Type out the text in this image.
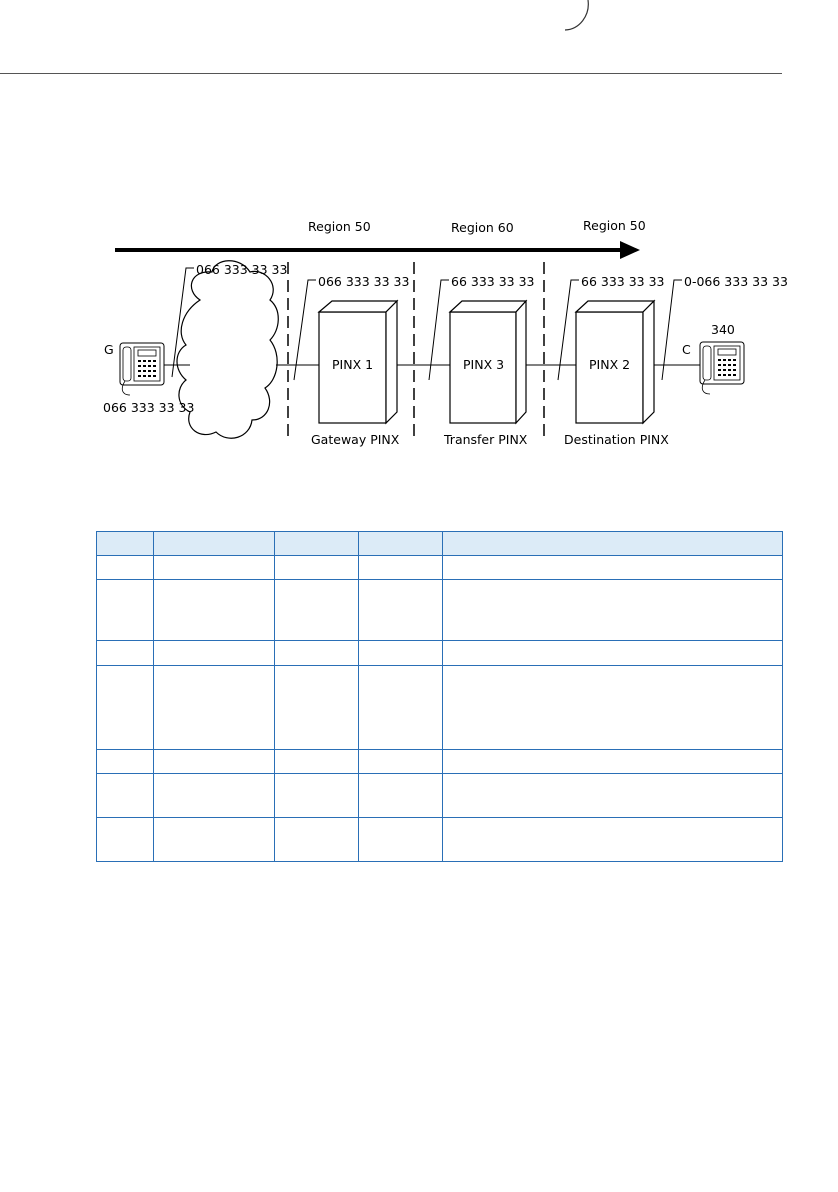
Region 50	Region 60	Region 50
G
066 333 33 33
C
340
066 333 33 33
066 333 33 33	66 333 33 33	66 333 33 33 0-066 333 33 33
PINX 1	PINX 3	PINX 2
Gateway PINX	Transfer PINX	Destination PINX
